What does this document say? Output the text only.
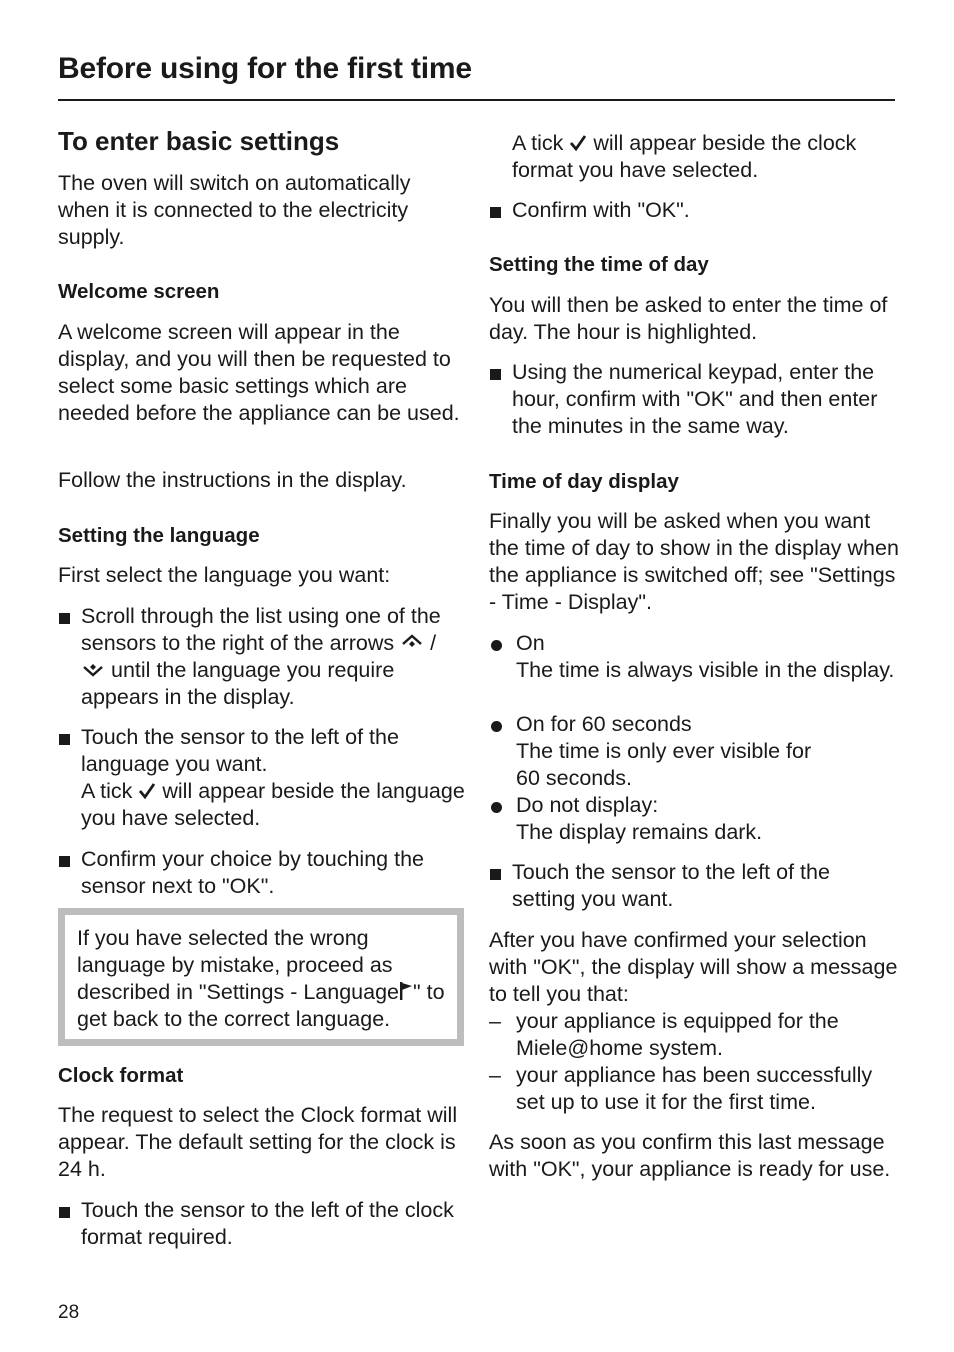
Before using for the first time
To enter basic settings

The oven will switch on automatically when it is connected to the electricity supply.

Welcome screen

A welcome screen will appear in the display, and you will then be requested to select some basic settings which are needed before the appliance can be used.

Follow the instructions in the display.

Setting the language

First select the language you want:

Scroll through the list using one of the sensors to the right of the arrows /  until the language you require appears in the display.

Touch the sensor to the left of the language you want.

A tick will appear beside the language you have selected.

Confirm your choice by touching the sensor next to "OK".

If you have selected the wrong language by mistake, proceed as described in "Settings - Language " to get back to the correct language.

Clock format

The request to select the Clock format will appear. The default setting for the clock is 24 h.

Touch the sensor to the left of the clock format required.

A tick will appear beside the clock format you have selected.

Confirm with "OK".

Setting the time of day

You will then be asked to enter the time of day. The hour is highlighted.

Using the numerical keypad, enter the hour, confirm with "OK" and then enter the minutes in the same way.

Time of day display

Finally you will be asked when you want the time of day to show in the display when the appliance is switched off; see "Settings - Time - Display".

On

The time is always visible in the display.

On for 60 seconds

The time is only ever visible for 60 seconds.

Do not display:

The display remains dark.

Touch the sensor to the left of the setting you want.

After you have confirmed your selection with "OK", the display will show a message to tell you that:

– your appliance is equipped for the Miele@home system.

– your appliance has been successfully set up to use it for the first time.

As soon as you confirm this last message with "OK", your appliance is ready for use.

28
